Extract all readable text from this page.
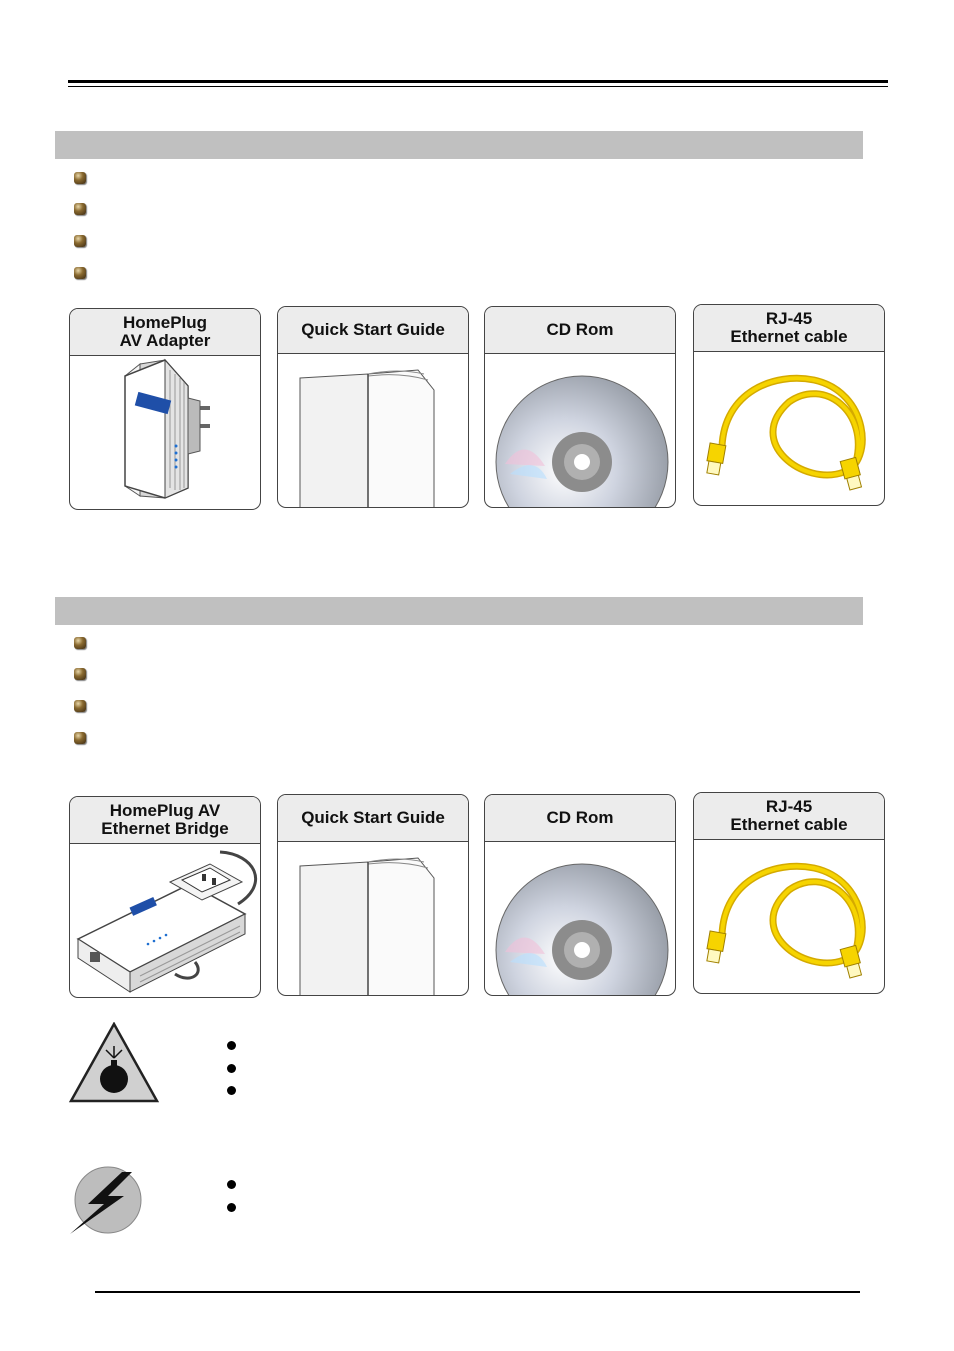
HomePlug
AV Adapter
Quick Start Guide	CD Rom
RJ-45
Ethernet cable
HomePlug AV
Ethernet Bridge
Quick Start Guide	CD Rom
RJ-45
Ethernet cable
